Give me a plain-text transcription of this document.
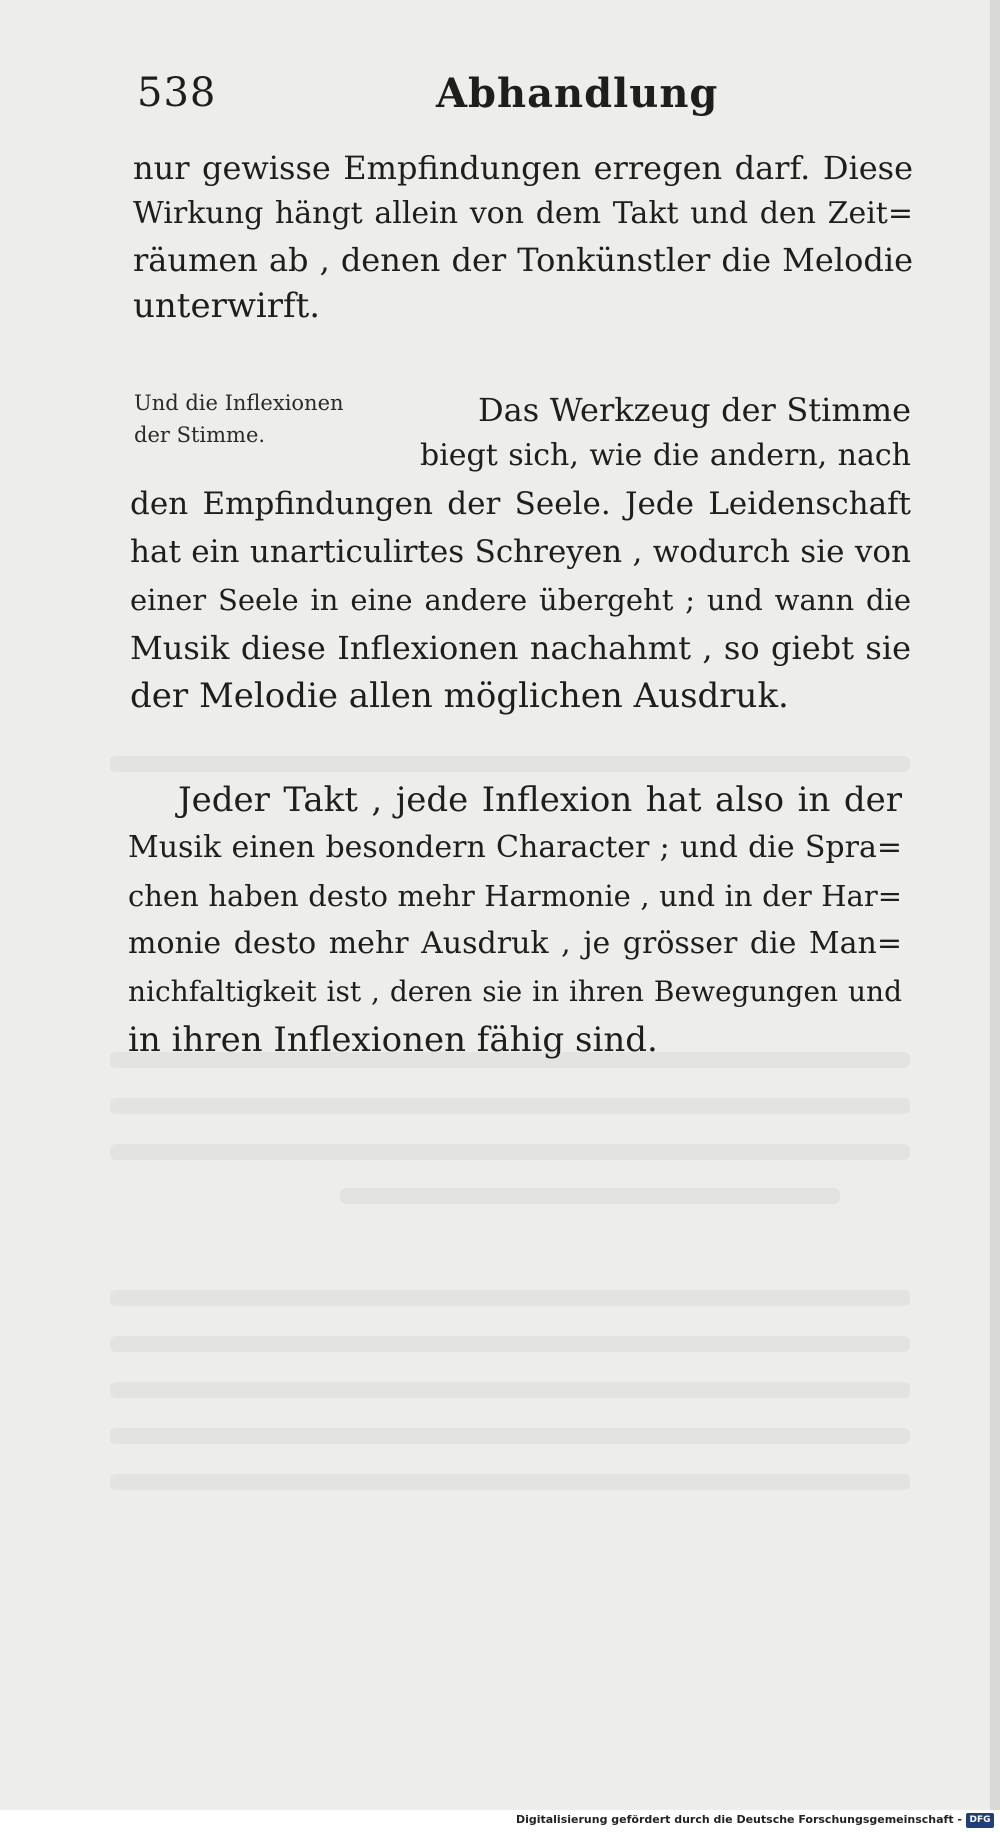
538	Abhandlung
nur gewisse Empfindungen erregen darf. Diese
Wirkung hängt allein von dem Takt und den Zeit=
räumen ab , denen der Tonkünstler die Melodie
unterwirft.
Und die Inflexionen
der Stimme.
Das Werkzeug der Stimme
biegt sich, wie die andern, nach
den Empfindungen der Seele. Jede Leidenschaft
hat ein unarticulirtes Schreyen , wodurch sie von
einer Seele in eine andere übergeht ; und wann die
Musik diese Inflexionen nachahmt , so giebt sie
der Melodie allen möglichen Ausdruk.
Jeder Takt , jede Inflexion hat also in der
Musik einen besondern Character ; und die Spra=
chen haben desto mehr Harmonie , und in der Har=
monie desto mehr Ausdruk , je grösser die Man=
nichfaltigkeit ist , deren sie in ihren Bewegungen und
in ihren Inflexionen fähig sind.
Digitalisierung gefördert durch die Deutsche Forschungsgemeinschaft - DFG
